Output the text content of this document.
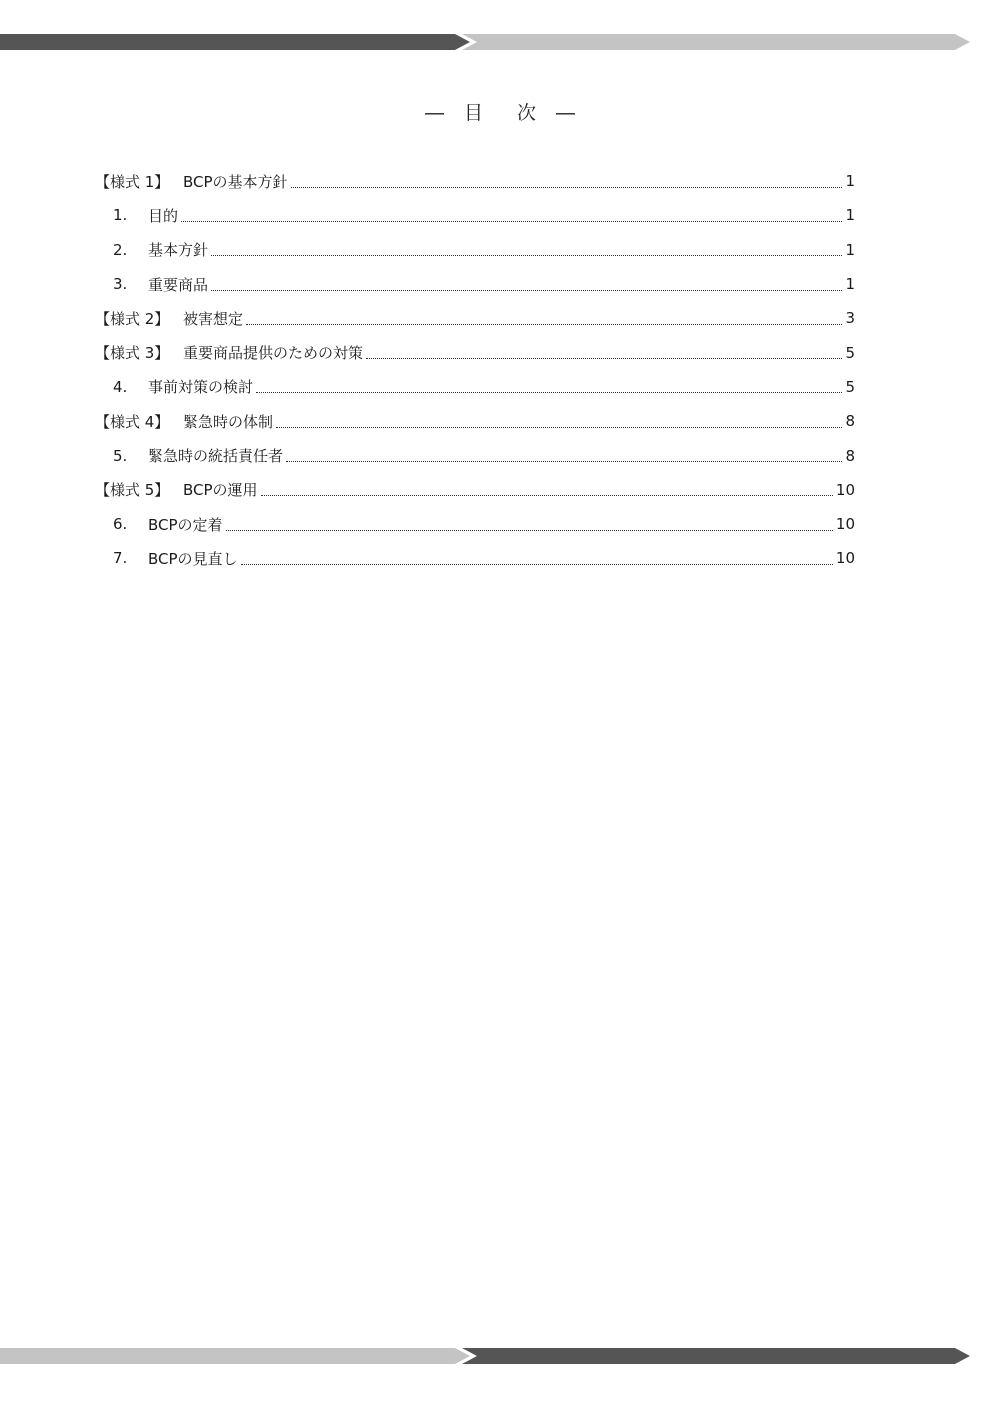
― 目 次 ―
【様式 1】 BCPの基本方針	1
1.	目的	1
2.	基本方針	1
3.	重要商品	1
【様式 2】 被害想定	3
【様式 3】 重要商品提供のための対策	5
4.	事前対策の検討	5
【様式 4】 緊急時の体制	8
5.	緊急時の統括責任者	8
【様式 5】 BCPの運用	10
6.	BCPの定着	10
7.	BCPの見直し	10
